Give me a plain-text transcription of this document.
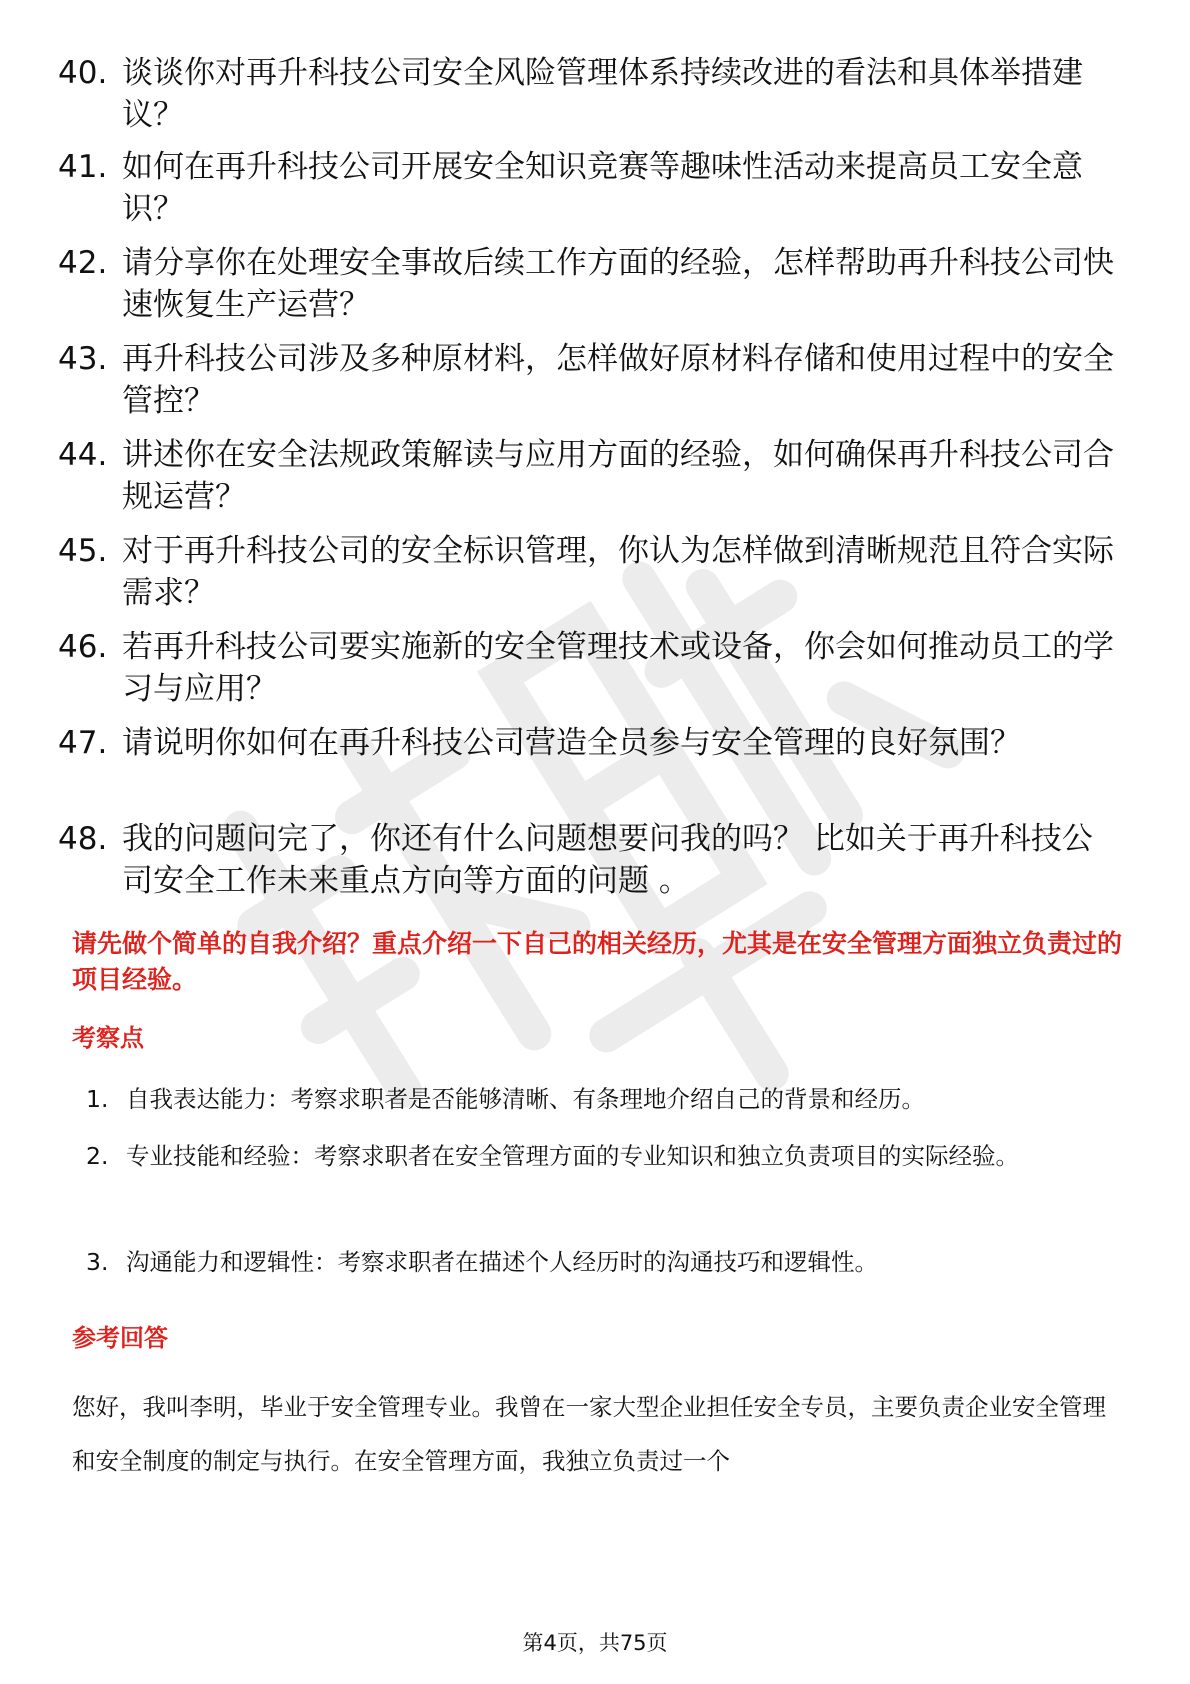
40. 谈谈你对再升科技公司安全风险管理体系持续改进的看法和具体举措建议？
41. 如何在再升科技公司开展安全知识竞赛等趣味性活动来提高员工安全意识？
42. 请分享你在处理安全事故后续工作方面的经验，怎样帮助再升科技公司快速恢复生产运营？
43. 再升科技公司涉及多种原材料，怎样做好原材料存储和使用过程中的安全管控？
44. 讲述你在安全法规政策解读与应用方面的经验，如何确保再升科技公司合规运营？
45. 对于再升科技公司的安全标识管理，你认为怎样做到清晰规范且符合实际需求？
46. 若再升科技公司要实施新的安全管理技术或设备，你会如何推动员工的学习与应用？
47. 请说明你如何在再升科技公司营造全员参与安全管理的良好氛围？
48. 我的问题问完了，你还有什么问题想要问我的吗？ 比如关于再升科技公司安全工作未来重点方向等方面的问题 。
请先做个简单的自我介绍？重点介绍一下自己的相关经历，尤其是在安全管理方面独立负责过的项目经验。
考察点
1. 自我表达能力：考察求职者是否能够清晰、有条理地介绍自己的背景和经历。
2. 专业技能和经验：考察求职者在安全管理方面的专业知识和独立负责项目的实际经验。
3. 沟通能力和逻辑性：考察求职者在描述个人经历时的沟通技巧和逻辑性。
参考回答
您好，我叫李明，毕业于安全管理专业。我曾在一家大型企业担任安全专员，主要负责企业安全管理和安全制度的制定与执行。在安全管理方面，我独立负责过一个
第4页，共75页
